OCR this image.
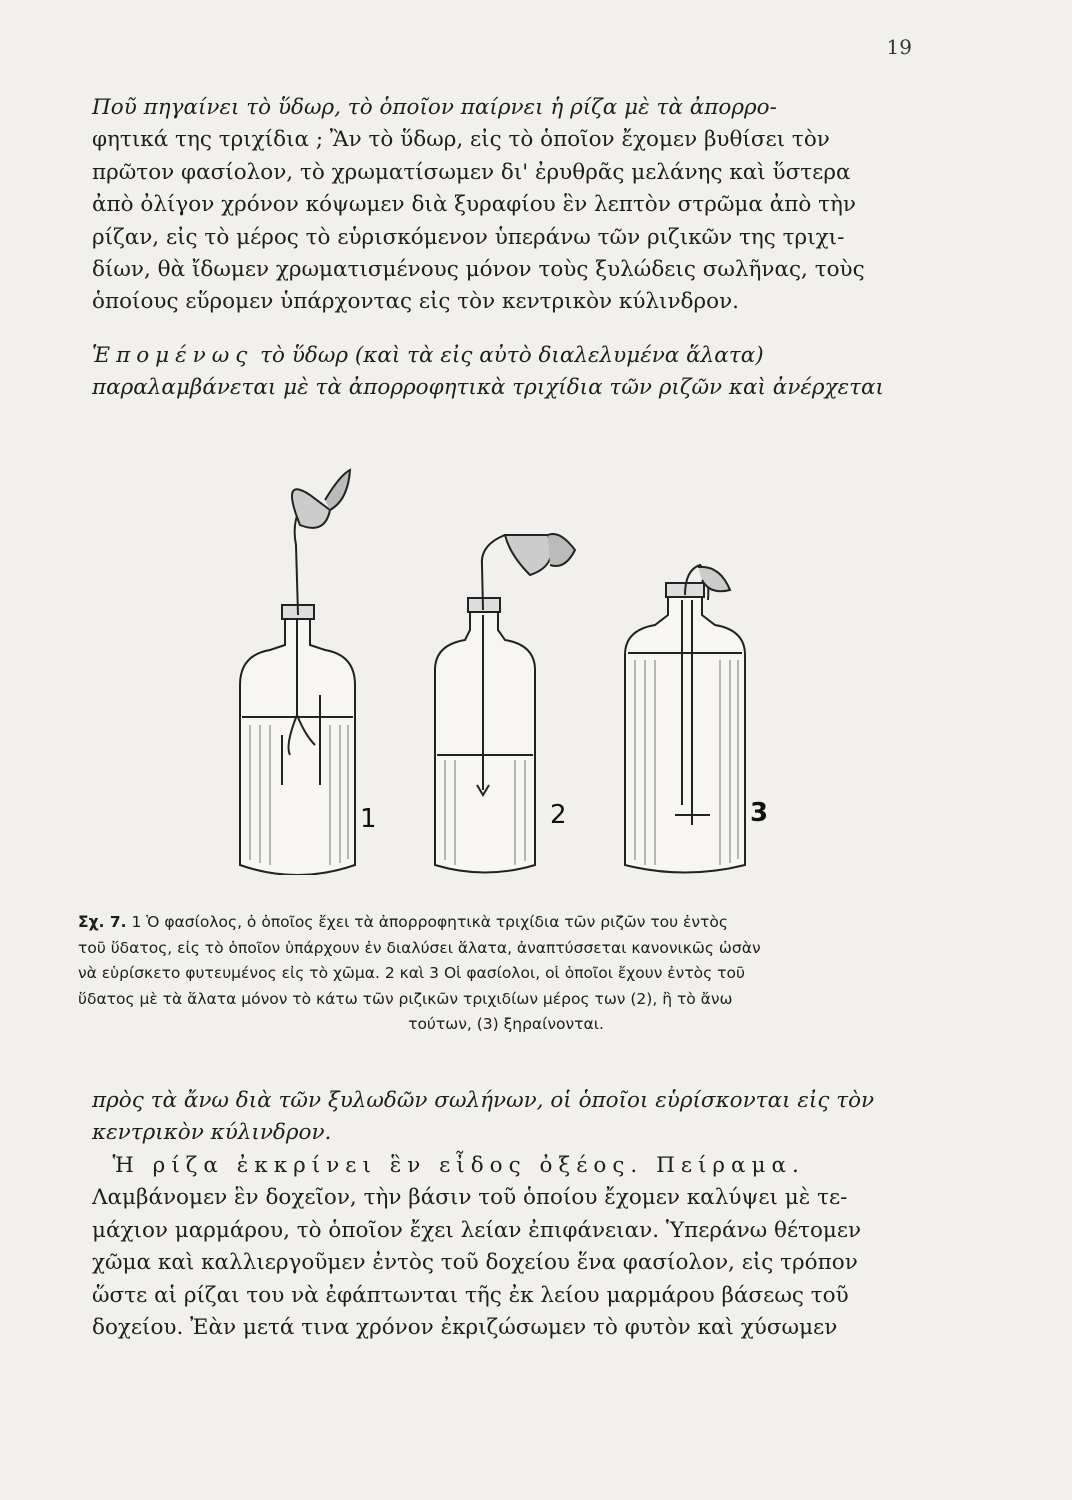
19
Ποῦ πηγαίνει τὸ ὕδωρ, τὸ ὁποῖον παίρνει ἡ ρίζα μὲ τὰ ἀπορρο-
φητικά της τριχίδια ; Ἂν τὸ ὕδωρ, εἰς τὸ ὁποῖον ἔχομεν βυθίσει τὸν
πρῶτον φασίολον, τὸ χρωματίσωμεν δι' ἐρυθρᾶς μελάνης καὶ ὕστερα
ἀπὸ ὀλίγον χρόνον κόψωμεν διὰ ξυραφίου ἓν λεπτὸν στρῶμα ἀπὸ τὴν
ρίζαν, εἰς τὸ μέρος τὸ εὑρισκόμενον ὑπεράνω τῶν ριζικῶν της τριχι-
δίων, θὰ ἴδωμεν χρωματισμένους μόνον τοὺς ξυλώδεις σωλῆνας, τοὺς
ὁποίους εὕρομεν ὑπάρχοντας εἰς τὸν κεντρικὸν κύλινδρον.
Ἑπομένως τὸ ὕδωρ (καὶ τὰ εἰς αὐτὸ διαλελυμένα ἅλατα)
παραλαμβάνεται μὲ τὰ ἀπορροφητικὰ τριχίδια τῶν ριζῶν καὶ ἀνέρχεται
1	2	3
Σχ. 7. 1 Ὁ φασίολος, ὁ ὁποῖος ἔχει τὰ ἀπορροφητικὰ τριχίδια τῶν ριζῶν του ἐντὸς
τοῦ ὕδατος, εἰς τὸ ὁποῖον ὑπάρχουν ἐν διαλύσει ἅλατα, ἀναπτύσσεται κανονικῶς ὡσὰν
νὰ εὑρίσκετο φυτευμένος εἰς τὸ χῶμα. 2 καὶ 3 Οἱ φασίολοι, οἱ ὁποῖοι ἔχουν ἐντὸς τοῦ
ὕδατος μὲ τὰ ἅλατα μόνον τὸ κάτω τῶν ριζικῶν τριχιδίων μέρος των (2), ἢ τὸ ἄνω
τούτων, (3) ξηραίνονται.
πρὸς τὰ ἄνω διὰ τῶν ξυλωδῶν σωλήνων, οἱ ὁποῖοι εὑρίσκονται εἰς τὸν
κεντρικὸν κύλινδρον.
Ἡ ρίζα ἐκκρίνει ἓν εἶδος ὀξέος. Πείραμα.
Λαμβάνομεν ἓν δοχεῖον, τὴν βάσιν τοῦ ὁποίου ἔχομεν καλύψει μὲ τε-
μάχιον μαρμάρου, τὸ ὁποῖον ἔχει λείαν ἐπιφάνειαν. Ὑπεράνω θέτομεν
χῶμα καὶ καλλιεργοῦμεν ἐντὸς τοῦ δοχείου ἕνα φασίολον, εἰς τρόπον
ὥστε αἱ ρίζαι του νὰ ἐφάπτωνται τῆς ἐκ λείου μαρμάρου βάσεως τοῦ
δοχείου. Ἐὰν μετά τινα χρόνον ἐκριζώσωμεν τὸ φυτὸν καὶ χύσωμεν
